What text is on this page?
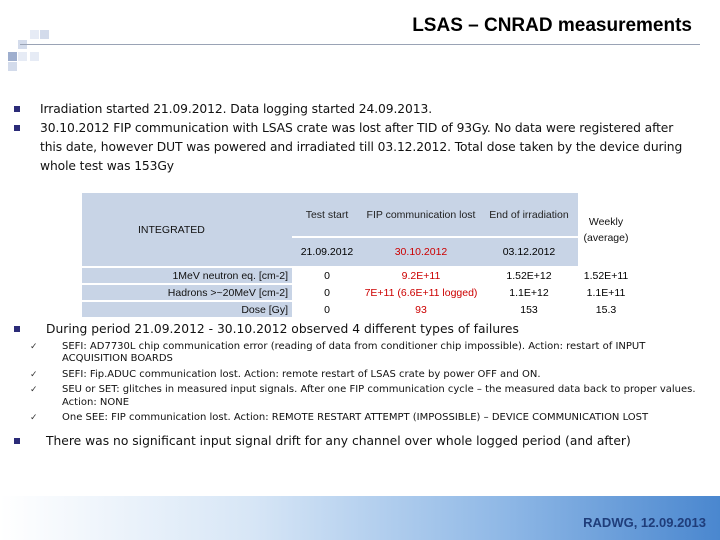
LSAS – CNRAD measurements

Irradiation started 21.09.2012. Data logging started 24.09.2013.

30.10.2012 FIP communication with LSAS crate was lost after TID of 93Gy. No data were registered after this date, however DUT was powered and irradiated till 03.12.2012. Total dose taken by the device during whole test was 153Gy

INTEGRATED	Test start	FIP communication lost	End of irradiation	Weekly (average)
	21.09.2012	30.10.2012	03.12.2012	
1MeV neutron eq. [cm-2]	0	9.2E+11	1.52E+12	1.52E+11
Hadrons >~20MeV [cm-2]	0	7E+11 (6.6E+11 logged)	1.1E+12	1.1E+11
Dose [Gy]	0	93	153	15.3
During period 21.09.2012 - 30.10.2012 observed 4 different types of failures
✓ SEFI: AD7730L chip communication error (reading of data from conditioner chip impossible). Action: restart of INPUT ACQUISITION BOARDS
✓ SEFI: Fip.ADUC communication lost. Action: remote restart of LSAS crate by power OFF and ON.
✓ SEU or SET: glitches in measured input signals. After one FIP communication cycle – the measured data back to proper values. Action: NONE
✓ One SEE: FIP communication lost. Action: REMOTE RESTART ATTEMPT (IMPOSSIBLE) – DEVICE COMMUNICATION LOST
There was no significant input signal drift for any channel over whole logged period (and after)
RADWG, 12.09.2013
